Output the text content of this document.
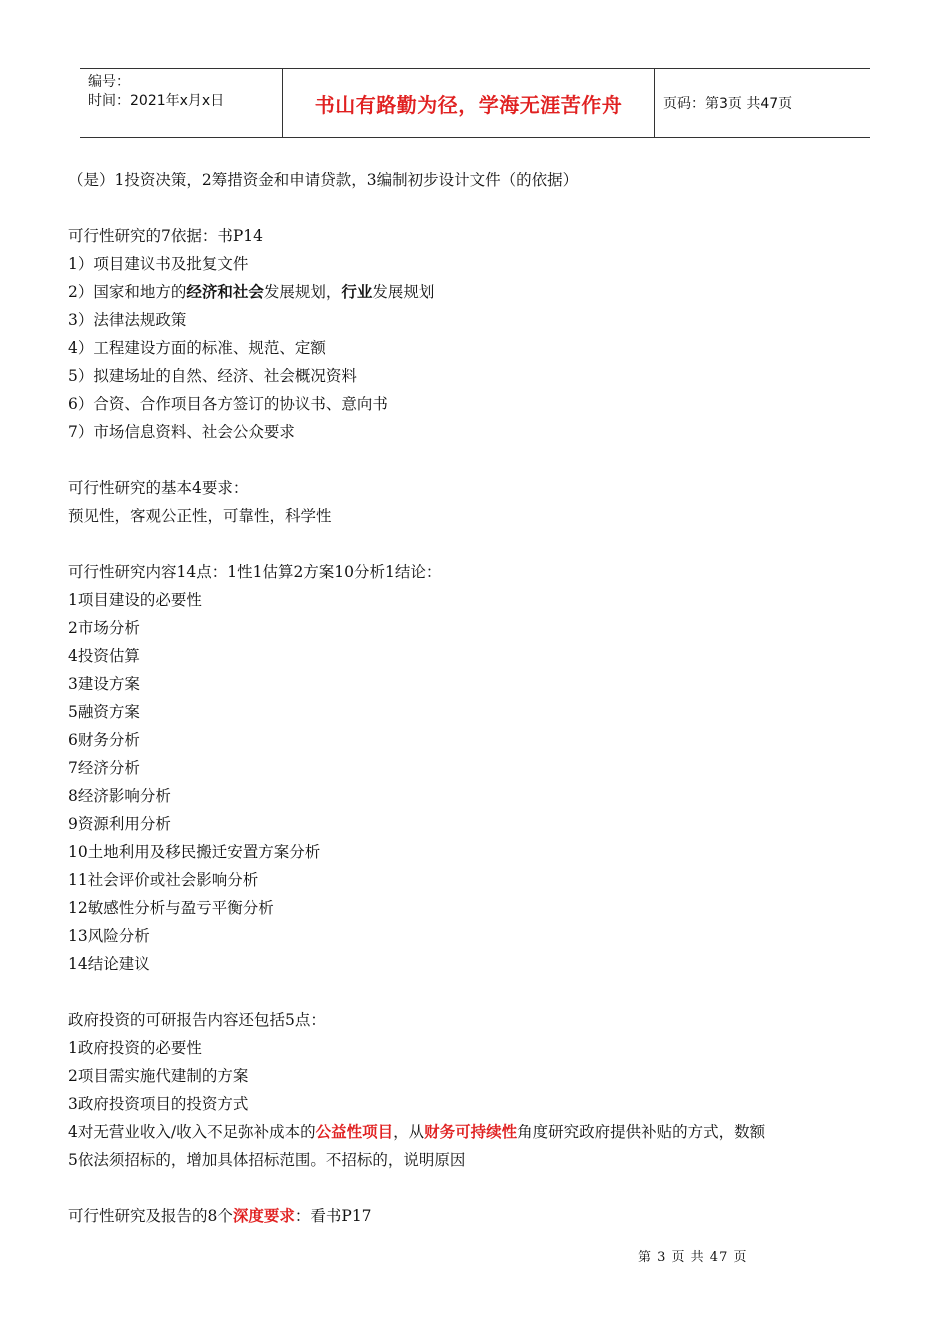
编号：
时间：2021年x月x日	书山有路勤为径，学海无涯苦作舟	页码：第3页 共47页
（是）1投资决策，2筹措资金和申请贷款，3编制初步设计文件（的依据）
可行性研究的7依据：书P14
1）项目建议书及批复文件
2）国家和地方的经济和社会发展规划，行业发展规划
3）法律法规政策
4）工程建设方面的标准、规范、定额
5）拟建场址的自然、经济、社会概况资料
6）合资、合作项目各方签订的协议书、意向书
7）市场信息资料、社会公众要求
可行性研究的基本4要求：
预见性，客观公正性，可靠性，科学性
可行性研究内容14点：1性1估算2方案10分析1结论：
1项目建设的必要性
2市场分析
4投资估算
3建设方案
5融资方案
6财务分析
7经济分析
8经济影响分析
9资源利用分析
10土地利用及移民搬迁安置方案分析
11社会评价或社会影响分析
12敏感性分析与盈亏平衡分析
13风险分析
14结论建议
政府投资的可研报告内容还包括5点：
1政府投资的必要性
2项目需实施代建制的方案
3政府投资项目的投资方式
4对无营业收入/收入不足弥补成本的公益性项目，从财务可持续性角度研究政府提供补贴的方式，数额
5依法须招标的，增加具体招标范围。不招标的，说明原因
可行性研究及报告的8个深度要求：看书P17
第 3 页 共 47 页
